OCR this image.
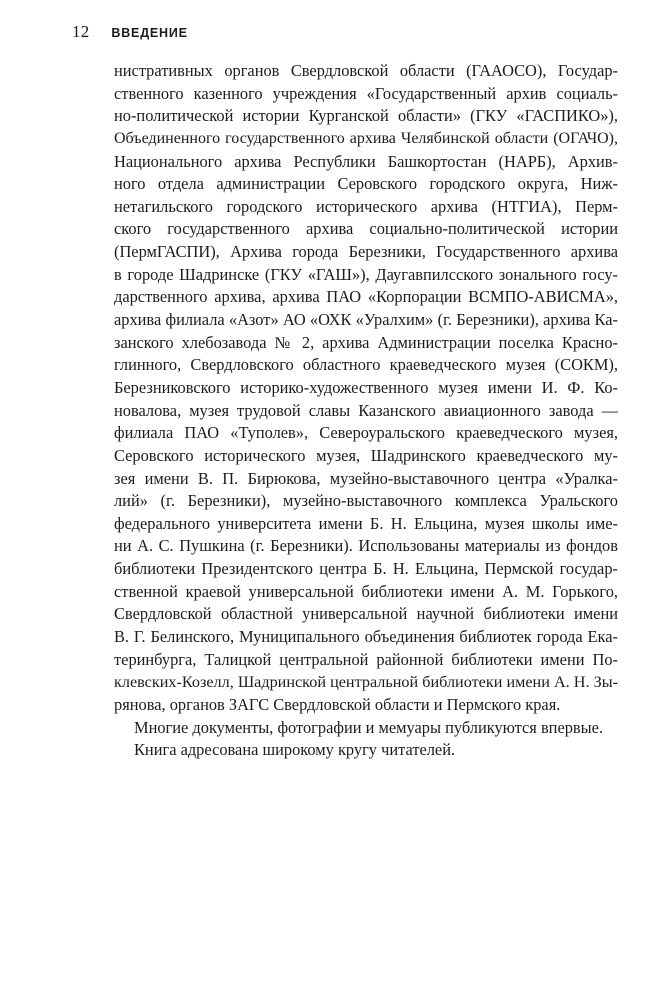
12 ВВЕДЕНИЕ
нистративных органов Свердловской области (ГААОСО), Государ-
ственного казенного учреждения «Государственный архив социаль-
но-политической истории Курганской области» (ГКУ «ГАСПИКО»),
Объединенного государственного архива Челябинской области (ОГАЧО),
Национального архива Республики Башкортостан (НАРБ), Архив-
ного отдела администрации Серовского городского округа, Ниж-
нетагильского городского исторического архива (НТГИА), Перм-
ского государственного архива социально-политической истории
(ПермГАСПИ), Архива города Березники, Государственного архива
в городе Шадринске (ГКУ «ГАШ»), Даугавпилсского зонального госу-
дарственного архива, архива ПАО «Корпорации ВСМПО-АВИСМА»,
архива филиала «Азот» АО «ОХК «Уралхим» (г. Березники), архива Ка-
занского хлебозавода № 2, архива Администрации поселка Красно-
глинного, Свердловского областного краеведческого музея (СОКМ),
Березниковского историко-художественного музея имени И. Ф. Ко-
новалова, музея трудовой славы Казанского авиационного завода —
филиала ПАО «Туполев», Североуральского краеведческого музея,
Серовского исторического музея, Шадринского краеведческого му-
зея имени В. П. Бирюкова, музейно-выставочного центра «Уралка-
лий» (г. Березники), музейно-выставочного комплекса Уральского
федерального университета имени Б. Н. Ельцина, музея школы име-
ни А. С. Пушкина (г. Березники). Использованы материалы из фондов
библиотеки Президентского центра Б. Н. Ельцина, Пермской государ-
ственной краевой универсальной библиотеки имени А. М. Горького,
Свердловской областной универсальной научной библиотеки имени
В. Г. Белинского, Муниципального объединения библиотек города Ека-
теринбурга, Талицкой центральной районной библиотеки имени По-
клевских-Козелл, Шадринской центральной библиотеки имени А. Н. Зы-
рянова, органов ЗАГС Свердловской области и Пермского края.
Многие документы, фотографии и мемуары публикуются впервые.
Книга адресована широкому кругу читателей.
